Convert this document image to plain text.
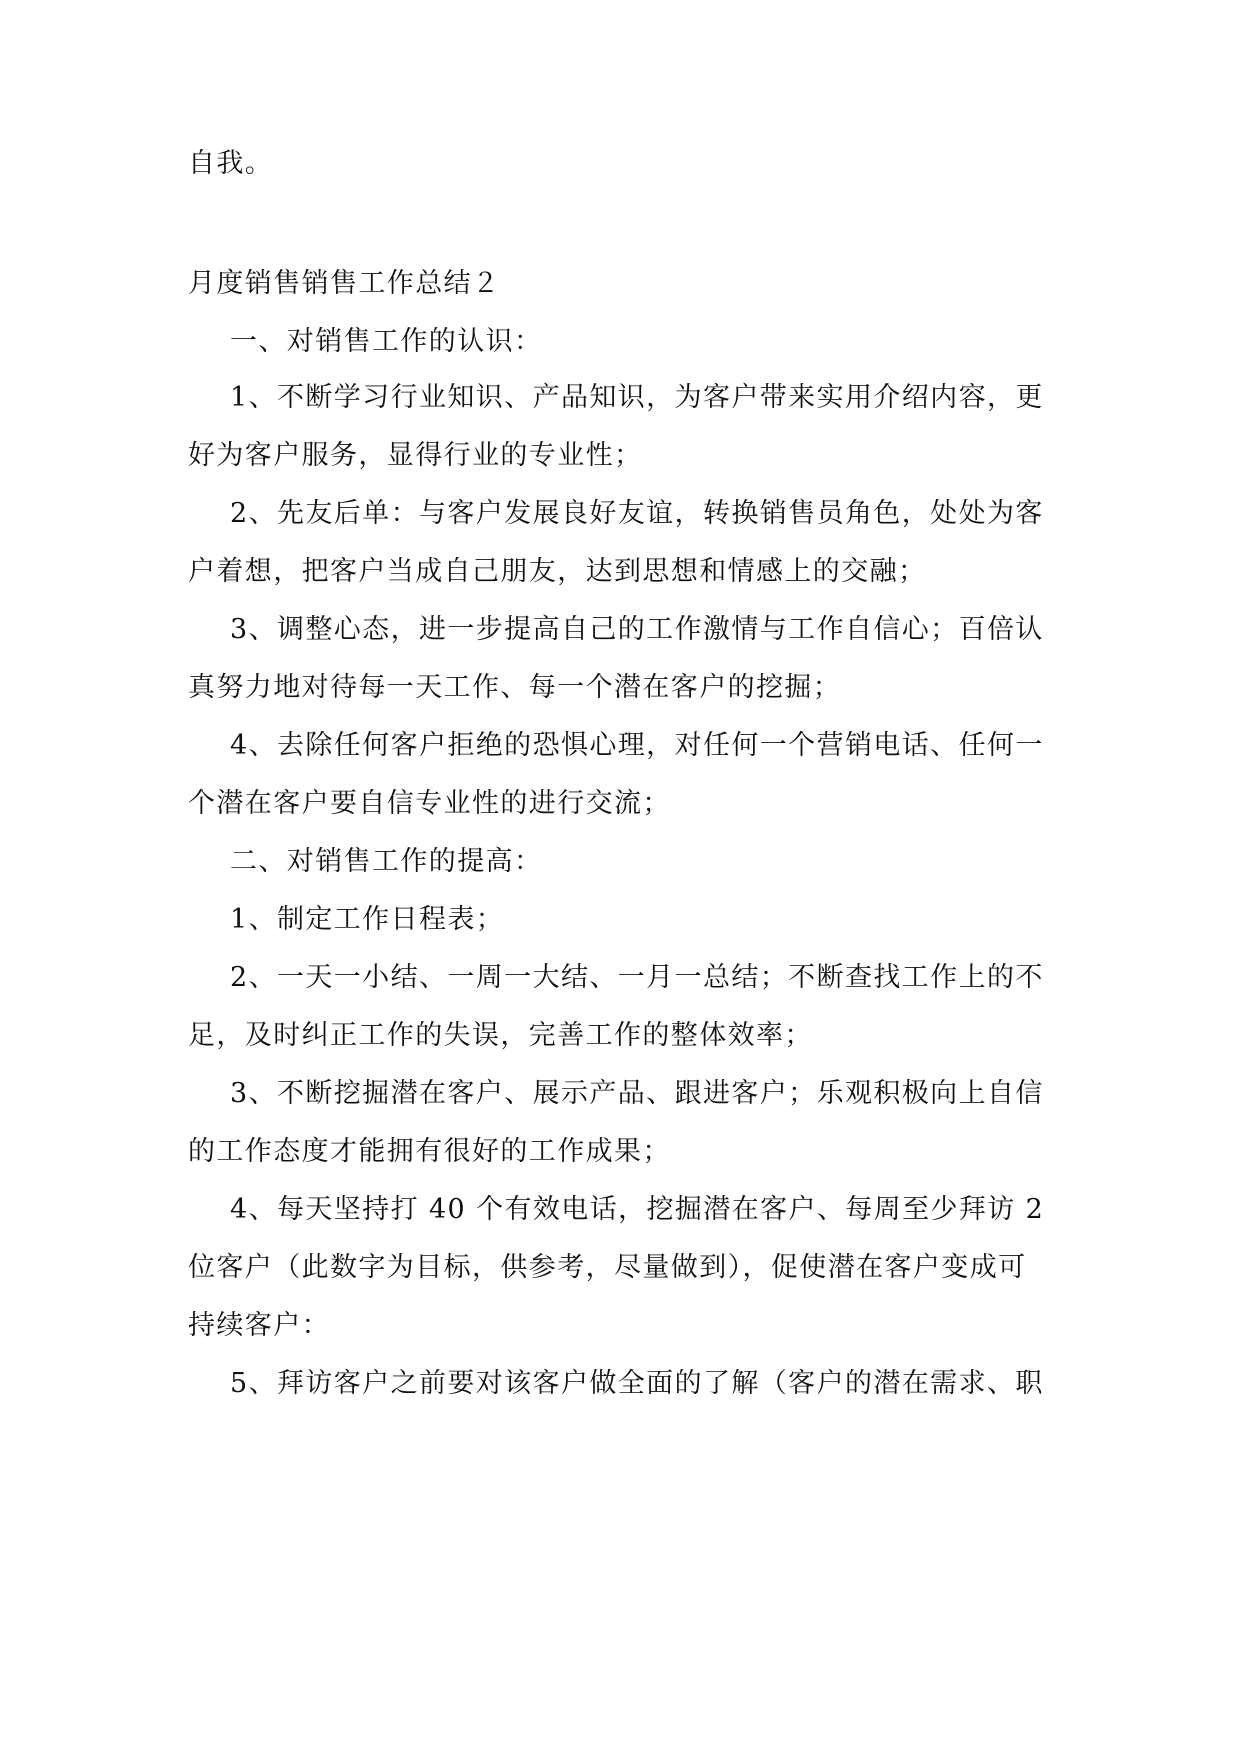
自我。
月度销售销售工作总结２
一、对销售工作的认识：
1、不断学习行业知识、产品知识，为客户带来实用介绍内容，更
好为客户服务，显得行业的专业性；
2、先友后单：与客户发展良好友谊，转换销售员角色，处处为客
户着想，把客户当成自己朋友，达到思想和情感上的交融；
3、调整心态，进一步提高自己的工作激情与工作自信心；百倍认
真努力地对待每一天工作、每一个潜在客户的挖掘；
4、去除任何客户拒绝的恐惧心理，对任何一个营销电话、任何一
个潜在客户要自信专业性的进行交流；
二、对销售工作的提高：
1、制定工作日程表；
2、一天一小结、一周一大结、一月一总结；不断查找工作上的不
足，及时纠正工作的失误，完善工作的整体效率；
3、不断挖掘潜在客户、展示产品、跟进客户；乐观积极向上自信
的工作态度才能拥有很好的工作成果；
4、每天坚持打 40 个有效电话，挖掘潜在客户、每周至少拜访 2
位客户（此数字为目标，供参考，尽量做到），促使潜在客户变成可
持续客户：
5、拜访客户之前要对该客户做全面的了解（客户的潜在需求、职
